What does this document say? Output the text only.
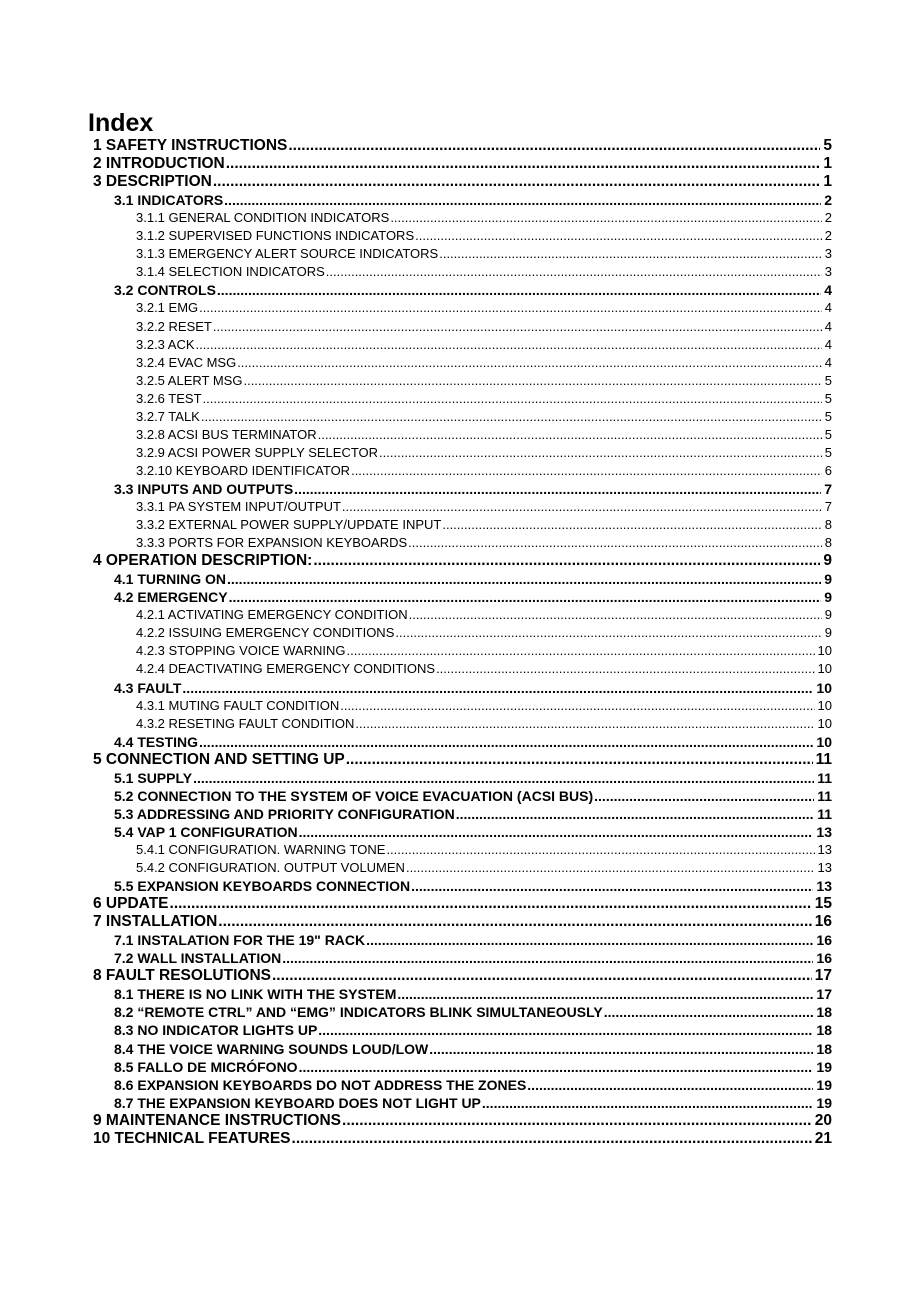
Index
1 SAFETY INSTRUCTIONS .....	5
2 INTRODUCTION .....	1
3 DESCRIPTION .....	1
3.1 INDICATORS .....	2
3.1.1 GENERAL CONDITION INDICATORS .....	2
3.1.2 SUPERVISED FUNCTIONS INDICATORS .....	2
3.1.3 EMERGENCY ALERT SOURCE INDICATORS .....	3
3.1.4 SELECTION INDICATORS .....	3
3.2 CONTROLS .....	4
3.2.1 EMG .....	4
3.2.2 RESET .....	4
3.2.3 ACK .....	4
3.2.4 EVAC MSG .....	4
3.2.5 ALERT MSG .....	5
3.2.6 TEST .....	5
3.2.7 TALK .....	5
3.2.8 ACSI BUS TERMINATOR .....	5
3.2.9 ACSI POWER SUPPLY SELECTOR .....	5
3.2.10 KEYBOARD IDENTIFICATOR .....	6
3.3 INPUTS AND OUTPUTS .....	7
3.3.1 PA SYSTEM INPUT/OUTPUT .....	7
3.3.2 EXTERNAL POWER SUPPLY/UPDATE INPUT .....	8
3.3.3 PORTS FOR EXPANSION KEYBOARDS .....	8
4 OPERATION DESCRIPTION: .....	9
4.1 TURNING ON .....	9
4.2 EMERGENCY .....	9
4.2.1 ACTIVATING EMERGENCY CONDITION .....	9
4.2.2 ISSUING EMERGENCY CONDITIONS .....	9
4.2.3 STOPPING VOICE WARNING .....	10
4.2.4 DEACTIVATING EMERGENCY CONDITIONS .....	10
4.3 FAULT .....	10
4.3.1 MUTING FAULT CONDITION .....	10
4.3.2 RESETING FAULT CONDITION .....	10
4.4 TESTING .....	10
5 CONNECTION AND SETTING UP .....	11
5.1 SUPPLY .....	11
5.2 CONNECTION TO THE SYSTEM OF VOICE EVACUATION (ACSI BUS) .....	11
5.3 ADDRESSING AND PRIORITY CONFIGURATION .....	11
5.4 VAP 1 CONFIGURATION .....	13
5.4.1 CONFIGURATION. WARNING TONE .....	13
5.4.2 CONFIGURATION. OUTPUT VOLUMEN .....	13
5.5 EXPANSION KEYBOARDS CONNECTION .....	13
6 UPDATE .....	15
7 INSTALLATION .....	16
7.1 INSTALATION FOR THE 19" RACK .....	16
7.2 WALL INSTALLATION .....	16
8 FAULT RESOLUTIONS .....	17
8.1 THERE IS NO LINK WITH THE SYSTEM .....	17
8.2 “REMOTE CTRL” AND “EMG” INDICATORS BLINK SIMULTANEOUSLY .....	18
8.3 NO INDICATOR LIGHTS UP .....	18
8.4 THE VOICE WARNING SOUNDS LOUD/LOW .....	18
8.5 FALLO DE MICRÓFONO .....	19
8.6 EXPANSION KEYBOARDS DO NOT ADDRESS THE ZONES .....	19
8.7 THE EXPANSION KEYBOARD DOES NOT LIGHT UP .....	19
9 MAINTENANCE INSTRUCTIONS .....	20
10 TECHNICAL FEATURES .....	21
